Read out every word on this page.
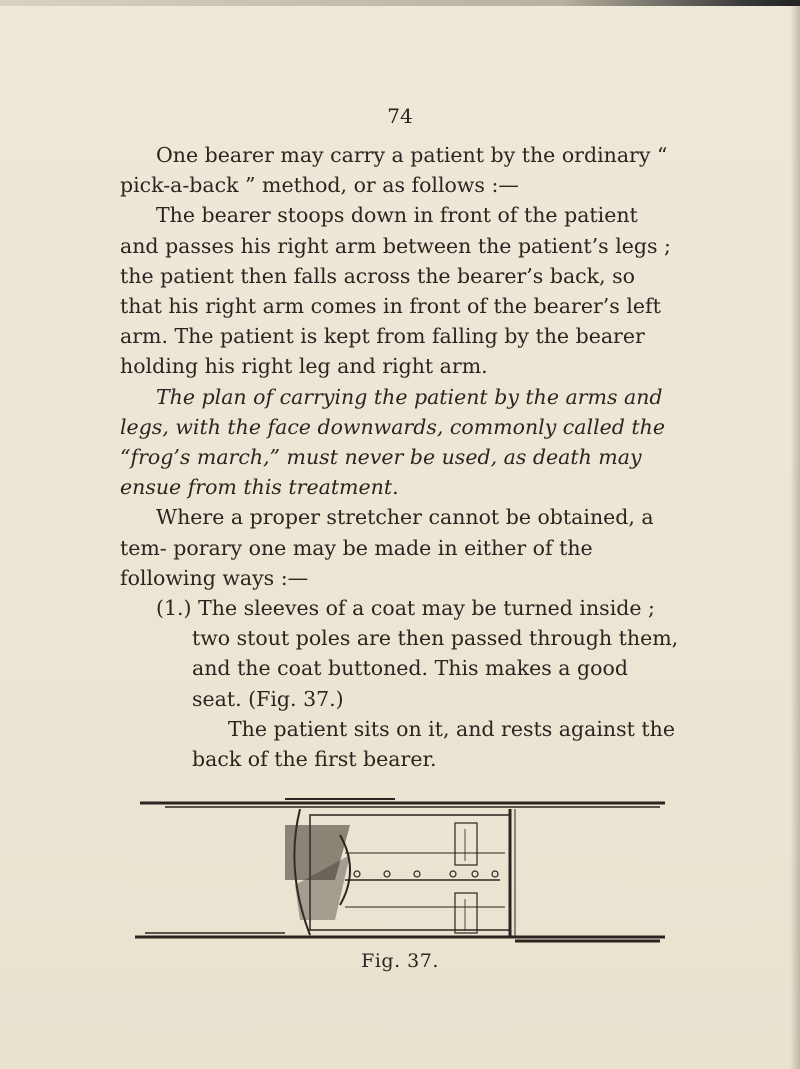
74

One bearer may carry a patient by the ordinary “ pick-a-back ” method, or as follows :—

The bearer stoops down in front of the patient and passes his right arm between the patient’s legs ; the patient then falls across the bearer’s back, so that his right arm comes in front of the bearer’s left arm. The patient is kept from falling by the bearer holding his right leg and right arm.

The plan of carrying the patient by the arms and legs, with the face downwards, commonly called the “frog’s march,” must never be used, as death may ensue from this treatment.

Where a proper stretcher cannot be obtained, a tem- porary one may be made in either of the following ways :—

(1.) The sleeves of a coat may be turned inside ; two stout poles are then passed through them, and the coat buttoned. This makes a good seat. (Fig. 37.)

The patient sits on it, and rests against the back of the first bearer.

Fig. 37.
